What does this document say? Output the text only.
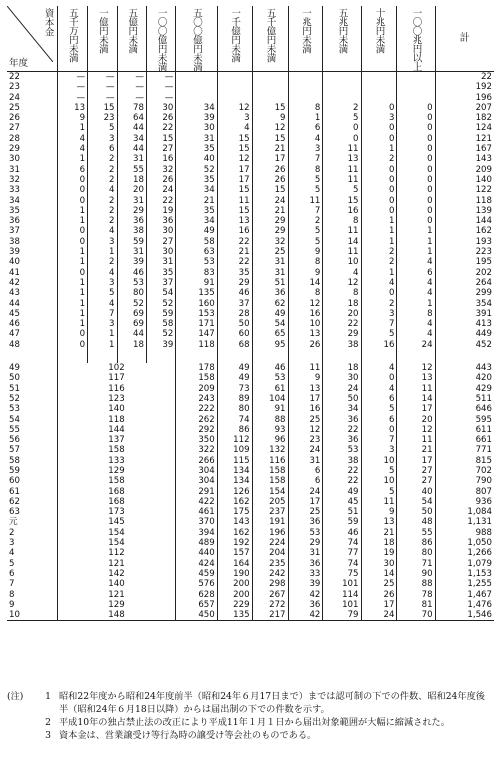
資本金
年度	五千万円未満	一億円未満	五億円未満	一〇〇億円未満	五〇〇億円未満	一千億円未満	五千億円未満	一兆円未満	五兆円未満	十兆円未満	一〇〇兆円以上	計
22	—	—	—	—								22
23	—	—	—	—								192
24	—	—	—	—								196
25	13	15	78	30	34	12	15	8	2	0	0	207
26	9	23	64	26	39	3	9	1	5	3	0	182
27	1	5	44	22	30	4	12	6	0	0	0	124
28	4	3	34	15	31	15	15	4	0	0	0	121
29	4	6	44	27	35	15	21	3	11	1	0	167
30	1	2	31	16	40	12	17	7	13	2	0	143
31	6	2	55	32	52	17	26	8	11	0	0	209
32	0	2	18	26	35	17	26	5	11	0	0	140
33	0	4	20	24	34	15	15	5	5	0	0	122
34	0	2	31	22	21	11	24	11	15	0	0	118
35	1	2	29	19	35	15	21	7	16	0	0	139
36	1	2	36	36	34	13	29	2	8	1	0	144
37	0	4	38	30	49	16	29	5	11	1	1	162
38	0	3	59	27	58	22	32	5	14	1	1	193
39	1	1	31	30	63	21	25	9	11	2	1	223
40	1	2	39	31	53	22	31	8	10	2	4	195
41	0	4	46	35	83	35	31	9	4	1	6	202
42	1	3	53	37	91	29	51	14	12	4	4	264
43	1	5	80	54	135	46	36	8	8	0	4	299
44	1	4	52	52	160	37	62	12	18	2	1	354
45	1	7	69	59	153	28	49	16	20	3	8	391
46	1	3	69	58	171	50	54	10	22	7	4	413
47	0	1	44	52	147	60	65	13	29	5	4	449
48	0	1	18	39	118	68	95	26	38	16	24	452

49	102				178	49	46	11	18	4	12	443
50	117				158	49	53	9	30	0	13	420
51	116				209	73	61	13	24	4	11	429
52	123				243	89	104	17	50	6	14	511
53	140				222	80	91	16	34	5	17	646
54	118				262	74	88	25	36	6	20	595
55	144				292	86	93	12	22	0	12	611
56	137				350	112	96	23	36	7	11	661
57	158				322	109	132	24	53	3	21	771
58	133				266	115	116	31	38	10	17	815
59	129				304	134	158	6	22	5	27	702
60	158				304	134	158	6	22	10	27	790
61	168				291	126	154	24	49	5	40	807
62	168				422	162	205	17	45	11	54	936
63	173				461	175	237	25	51	9	50	1,084
元	145				370	143	191	36	59	13	48	1,131
2	154				394	162	196	53	46	21	55	988
3	154				489	192	224	29	74	18	86	1,050
4	112				440	157	204	31	77	19	80	1,266
5	121				424	164	235	36	74	30	71	1,079
6	142				459	190	242	33	75	14	90	1,153
7	140				576	200	298	39	101	25	88	1,255
8	121				628	200	267	42	114	26	78	1,467
9	129				657	229	272	36	101	17	81	1,476
10	148				450	135	217	42	79	24	70	1,546
(注)	1 昭和22年度から昭和24年度前半（昭和24年６月17日まで）までは認可制の下での件数、昭和24年度後半（昭和24年６月18日以降）からは届出制の下での件数を示す。
2 平成10年の独占禁止法の改正により平成11年１月１日から届出対象範囲が大幅に縮減された。
3 資本金は、営業譲受け等行為時の譲受け等会社のものである。
